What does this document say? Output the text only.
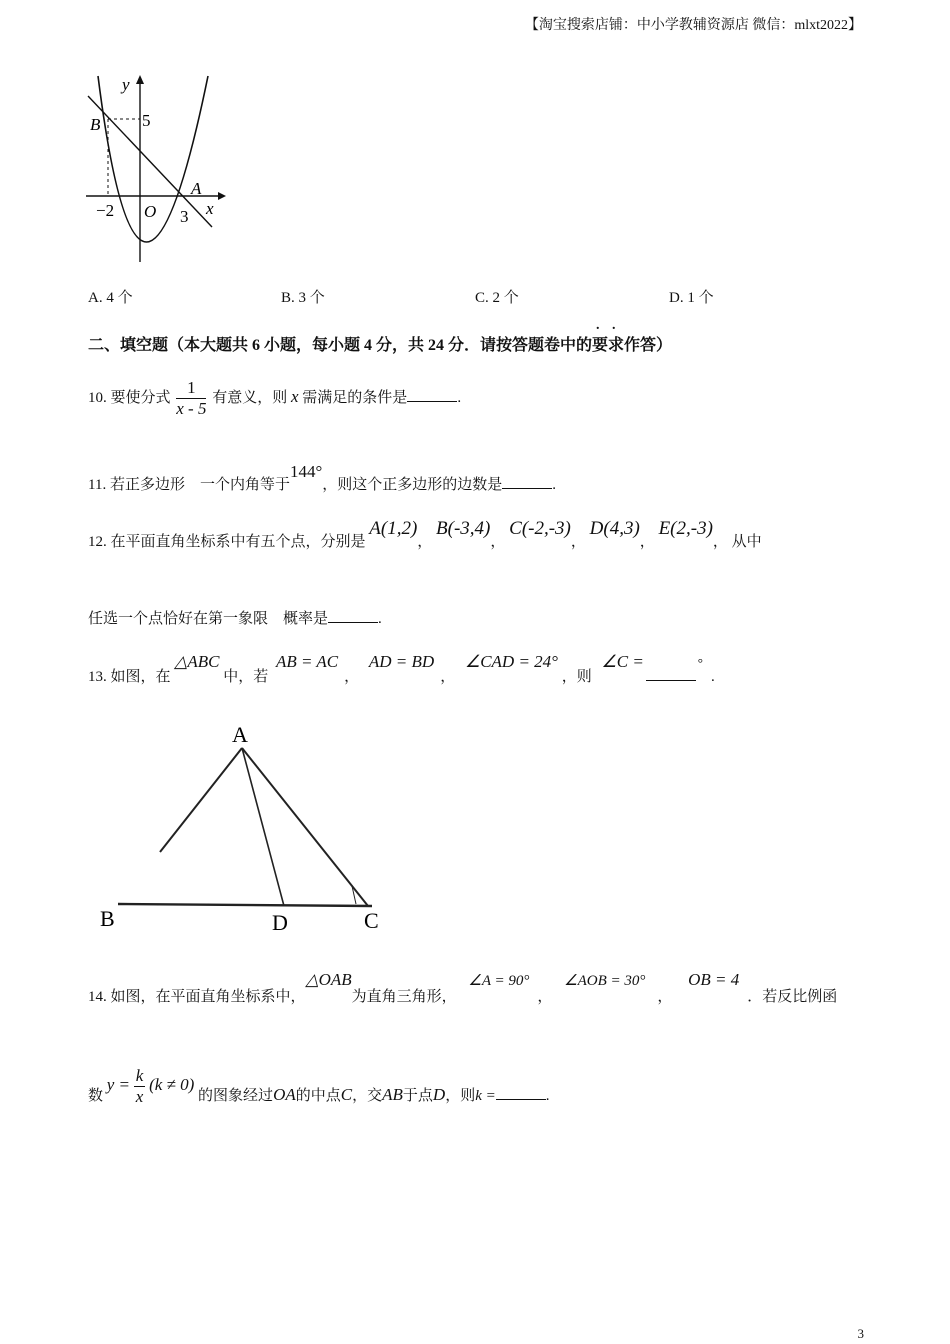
【淘宝搜索店铺：中小学教辅资源店 微信：mlxt2022】
y
5
B
A
x
−2 O 3
A. 4 个	B. 3 个	C. 2 个	D. 1 个
二、填空题（本大题共 6 小题，每小题 4 分，共 24 分．请按答题卷中的要求作答）
. .
10. 要使分式 $\frac{1}{x - 5}$ 有意义，则 x 需满足的条件是	.
11. 若正多边形　一个内角等于144°，则这个正多边形的边数是	.
12. 在平面直角坐标系中有五个点，分别是 A(1,2)， B(-3,4)， C(-2,-3)， D(4,3)， E(2,-3)， 从中
任选一个点恰好在第一象限　概率是	.
13. 如图，在 △ABC 中，若 AB = AC， AD = BD， ∠CAD = 24° ，则 ∠C =	°.
A
B	D	C
14. 如图，在平面直角坐标系中，△OAB为直角三角形， ∠A = 90°， ∠AOB = 30°， OB = 4．若反比例函
数 $y = \frac{k}{x} (k \ne 0)$ 的图象经过OA的中点C，交AB于点D，则k =	.
3
